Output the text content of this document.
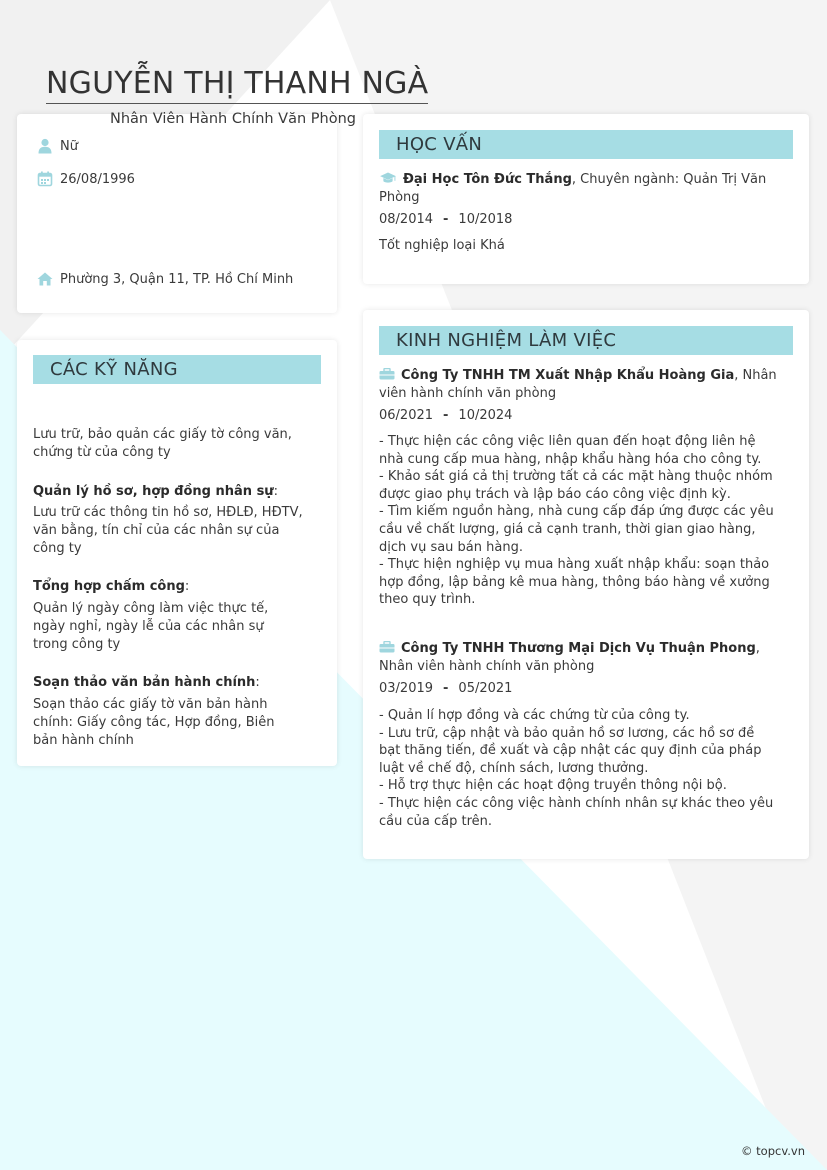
NGUYỄN THỊ THANH NGÀ
Nữ
26/08/1996
Phường 3, Quận 11, TP. Hồ Chí Minh
Nhân Viên Hành Chính Văn Phòng
CÁC KỸ NĂNG
Lưu trữ, bảo quản các giấy tờ công văn, chứng từ của công ty
Quản lý hồ sơ, hợp đồng nhân sự:
Lưu trữ các thông tin hồ sơ, HĐLĐ, HĐTV, văn bằng, tín chỉ của các nhân sự của công ty
Tổng hợp chấm công:
Quản lý ngày công làm việc thực tế, ngày nghỉ, ngày lễ của các nhân sự trong công ty
Soạn thảo văn bản hành chính:
Soạn thảo các giấy tờ văn bản hành chính: Giấy công tác, Hợp đồng, Biên bản hành chính
HỌC VẤN
Đại Học Tôn Đức Thắng, Chuyên ngành: Quản Trị Văn Phòng
08/2014 - 10/2018
Tốt nghiệp loại Khá
KINH NGHIỆM LÀM VIỆC
Công Ty TNHH TM Xuất Nhập Khẩu Hoàng Gia, Nhân viên hành chính văn phòng
06/2021 - 10/2024
- Thực hiện các công việc liên quan đến hoạt động liên hệ nhà cung cấp mua hàng, nhập khẩu hàng hóa cho công ty.
- Khảo sát giá cả thị trường tất cả các mặt hàng thuộc nhóm được giao phụ trách và lập báo cáo công việc định kỳ.
- Tìm kiếm nguồn hàng, nhà cung cấp đáp ứng được các yêu cầu về chất lượng, giá cả cạnh tranh, thời gian giao hàng, dịch vụ sau bán hàng.
- Thực hiện nghiệp vụ mua hàng xuất nhập khẩu: soạn thảo hợp đồng, lập bảng kê mua hàng, thông báo hàng về xưởng theo quy trình.
Công Ty TNHH Thương Mại Dịch Vụ Thuận Phong, Nhân viên hành chính văn phòng
03/2019 - 05/2021
- Quản lí hợp đồng và các chứng từ của công ty.
- Lưu trữ, cập nhật và bảo quản hồ sơ lương, các hồ sơ đề bạt thăng tiến, đề xuất và cập nhật các quy định của pháp luật về chế độ, chính sách, lương thưởng.
- Hỗ trợ thực hiện các hoạt động truyền thông nội bộ.
- Thực hiện các công việc hành chính nhân sự khác theo yêu cầu của cấp trên.
© topcv.vn
